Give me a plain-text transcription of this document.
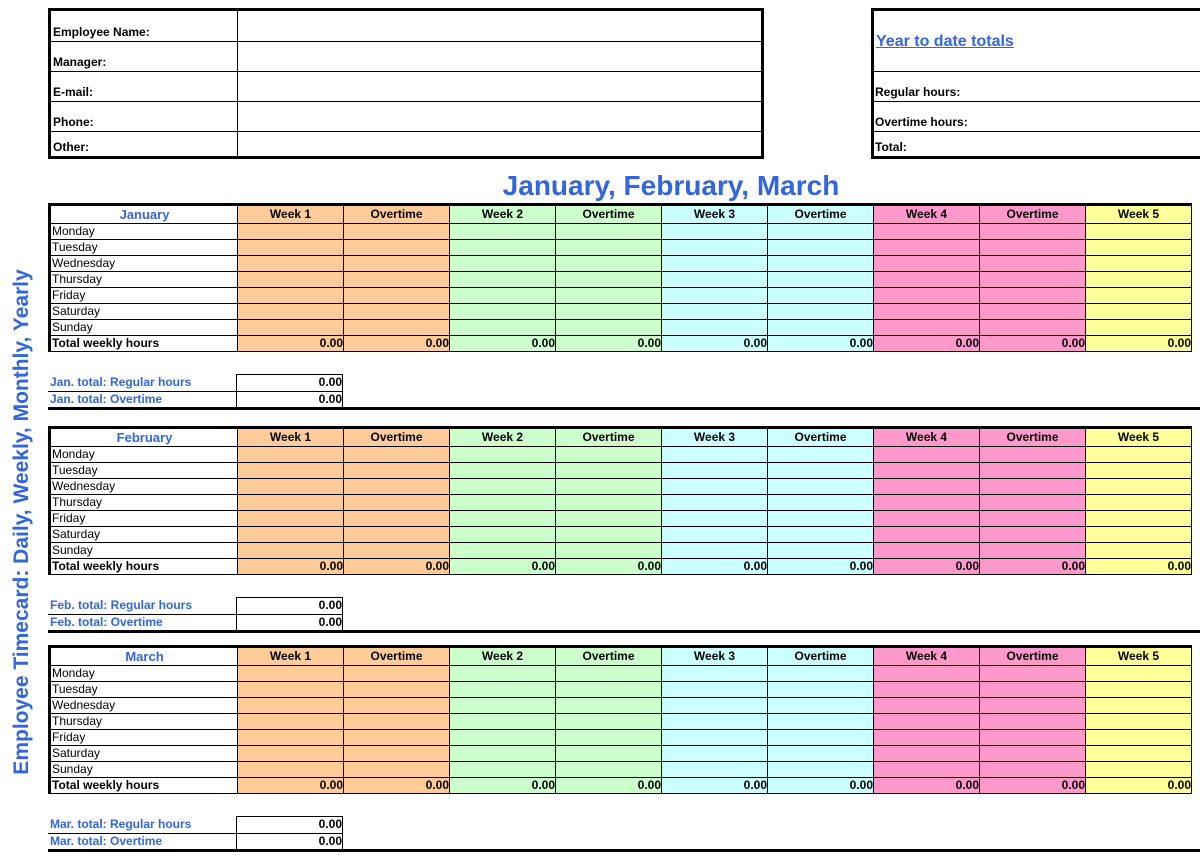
Employee Timecard: Daily, Weekly, Monthly, Yearly
Employee Name:
Manager:
E-mail:
Phone:
Other:
Year to date totals
Regular hours:
Overtime hours:
Total:
January, February, March
January	Week 1	Overtime	Week 2	Overtime	Week 3	Overtime	Week 4	Overtime	Week 5
Monday									
Tuesday									
Wednesday									
Thursday									
Friday									
Saturday									
Sunday									
Total weekly hours	0.00	0.00	0.00	0.00	0.00	0.00	0.00	0.00	0.00
Jan. total: Regular hours	0.00
Jan. total: Overtime	0.00
February	Week 1	Overtime	Week 2	Overtime	Week 3	Overtime	Week 4	Overtime	Week 5
Monday									
Tuesday									
Wednesday									
Thursday									
Friday									
Saturday									
Sunday									
Total weekly hours	0.00	0.00	0.00	0.00	0.00	0.00	0.00	0.00	0.00
Feb. total: Regular hours	0.00
Feb. total: Overtime	0.00
March	Week 1	Overtime	Week 2	Overtime	Week 3	Overtime	Week 4	Overtime	Week 5
Monday									
Tuesday									
Wednesday									
Thursday									
Friday									
Saturday									
Sunday									
Total weekly hours	0.00	0.00	0.00	0.00	0.00	0.00	0.00	0.00	0.00
Mar. total: Regular hours	0.00
Mar. total: Overtime	0.00
